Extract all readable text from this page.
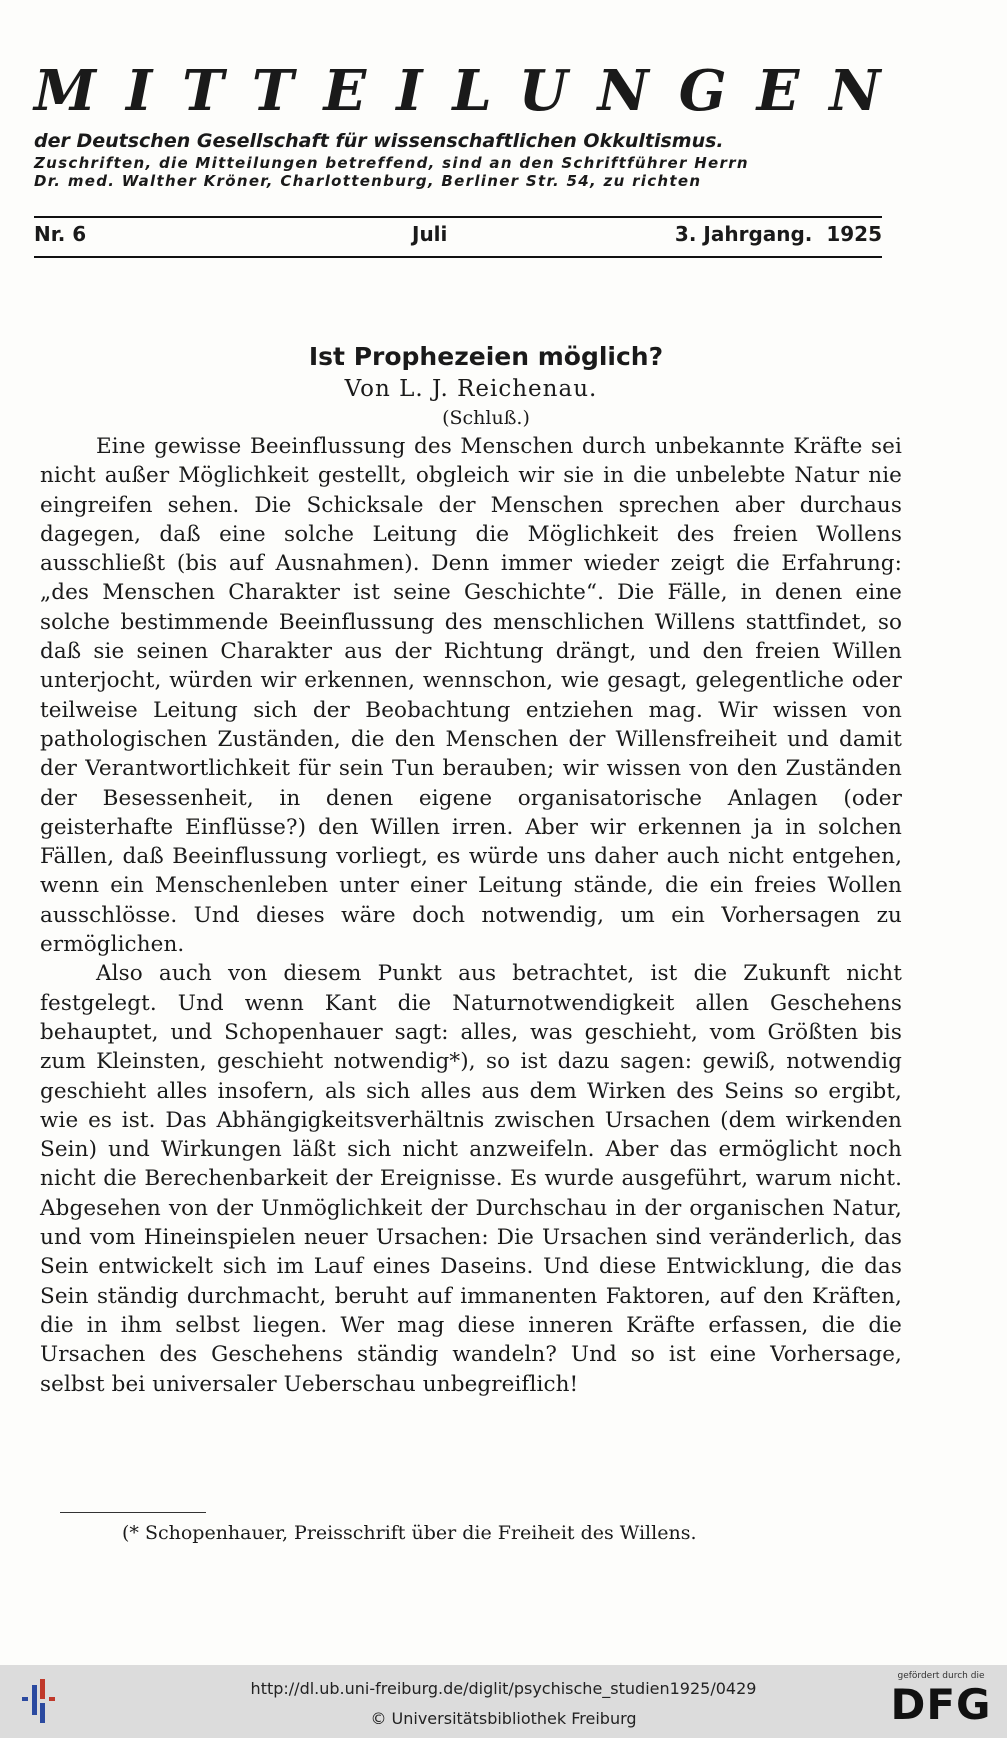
MITTEILUNGEN
der Deutschen Gesellschaft für wissenschaftlichen Okkultismus.
Zuschriften, die Mitteilungen betreffend, sind an den Schriftführer Herrn
Dr. med. Walther Kröner, Charlottenburg, Berliner Str. 54, zu richten
Nr. 6	Juli	3. Jahrgang.  1925
Ist Prophezeien möglich?
Von L. J. Reichenau.
(Schluß.)

Eine gewisse Beeinflussung des Menschen durch unbekannte Kräfte sei nicht außer Möglichkeit gestellt, obgleich wir sie in die unbelebte Natur nie eingreifen sehen. Die Schicksale der Menschen sprechen aber durchaus dagegen, daß eine solche Leitung die Möglichkeit des freien Wollens ausschließt (bis auf Ausnahmen). Denn immer wieder zeigt die Erfahrung: „des Menschen Charakter ist seine Geschichte“. Die Fälle, in denen eine solche bestimmende Beeinflussung des menschlichen Willens stattfindet, so daß sie seinen Charakter aus der Richtung drängt, und den freien Willen unterjocht, würden wir erkennen, wennschon, wie gesagt, gelegentliche oder teilweise Leitung sich der Beobachtung entziehen mag. Wir wissen von pathologischen Zuständen, die den Menschen der Willensfreiheit und damit der Verantwortlichkeit für sein Tun berauben; wir wissen von den Zuständen der Besessenheit, in denen eigene organisatorische Anlagen (oder geisterhafte Einflüsse?) den Willen irren. Aber wir erkennen ja in solchen Fällen, daß Beeinflussung vorliegt, es würde uns daher auch nicht entgehen, wenn ein Menschenleben unter einer Leitung stände, die ein freies Wollen ausschlösse. Und dieses wäre doch notwendig, um ein Vorhersagen zu ermöglichen.

Also auch von diesem Punkt aus betrachtet, ist die Zukunft nicht festgelegt. Und wenn Kant die Naturnotwendigkeit allen Geschehens behauptet, und Schopenhauer sagt: alles, was geschieht, vom Größten bis zum Kleinsten, geschieht notwendig*), so ist dazu sagen: gewiß, notwendig geschieht alles insofern, als sich alles aus dem Wirken des Seins so ergibt, wie es ist. Das Abhängigkeitsverhältnis zwischen Ursachen (dem wirkenden Sein) und Wirkungen läßt sich nicht anzweifeln. Aber das ermöglicht noch nicht die Berechenbarkeit der Ereignisse. Es wurde ausgeführt, warum nicht. Abgesehen von der Unmöglichkeit der Durchschau in der organischen Natur, und vom Hineinspielen neuer Ursachen: Die Ursachen sind veränderlich, das Sein entwickelt sich im Lauf eines Daseins. Und diese Entwicklung, die das Sein ständig durchmacht, beruht auf immanenten Faktoren, auf den Kräften, die in ihm selbst liegen. Wer mag diese inneren Kräfte erfassen, die die Ursachen des Geschehens ständig wandeln? Und so ist eine Vorhersage, selbst bei universaler Ueberschau unbegreiflich!

(* Schopenhauer, Preisschrift über die Freiheit des Willens.
http://dl.ub.uni-freiburg.de/diglit/psychische_studien1925/0429
© Universitätsbibliothek Freiburg
gefördert durch die
DFG
